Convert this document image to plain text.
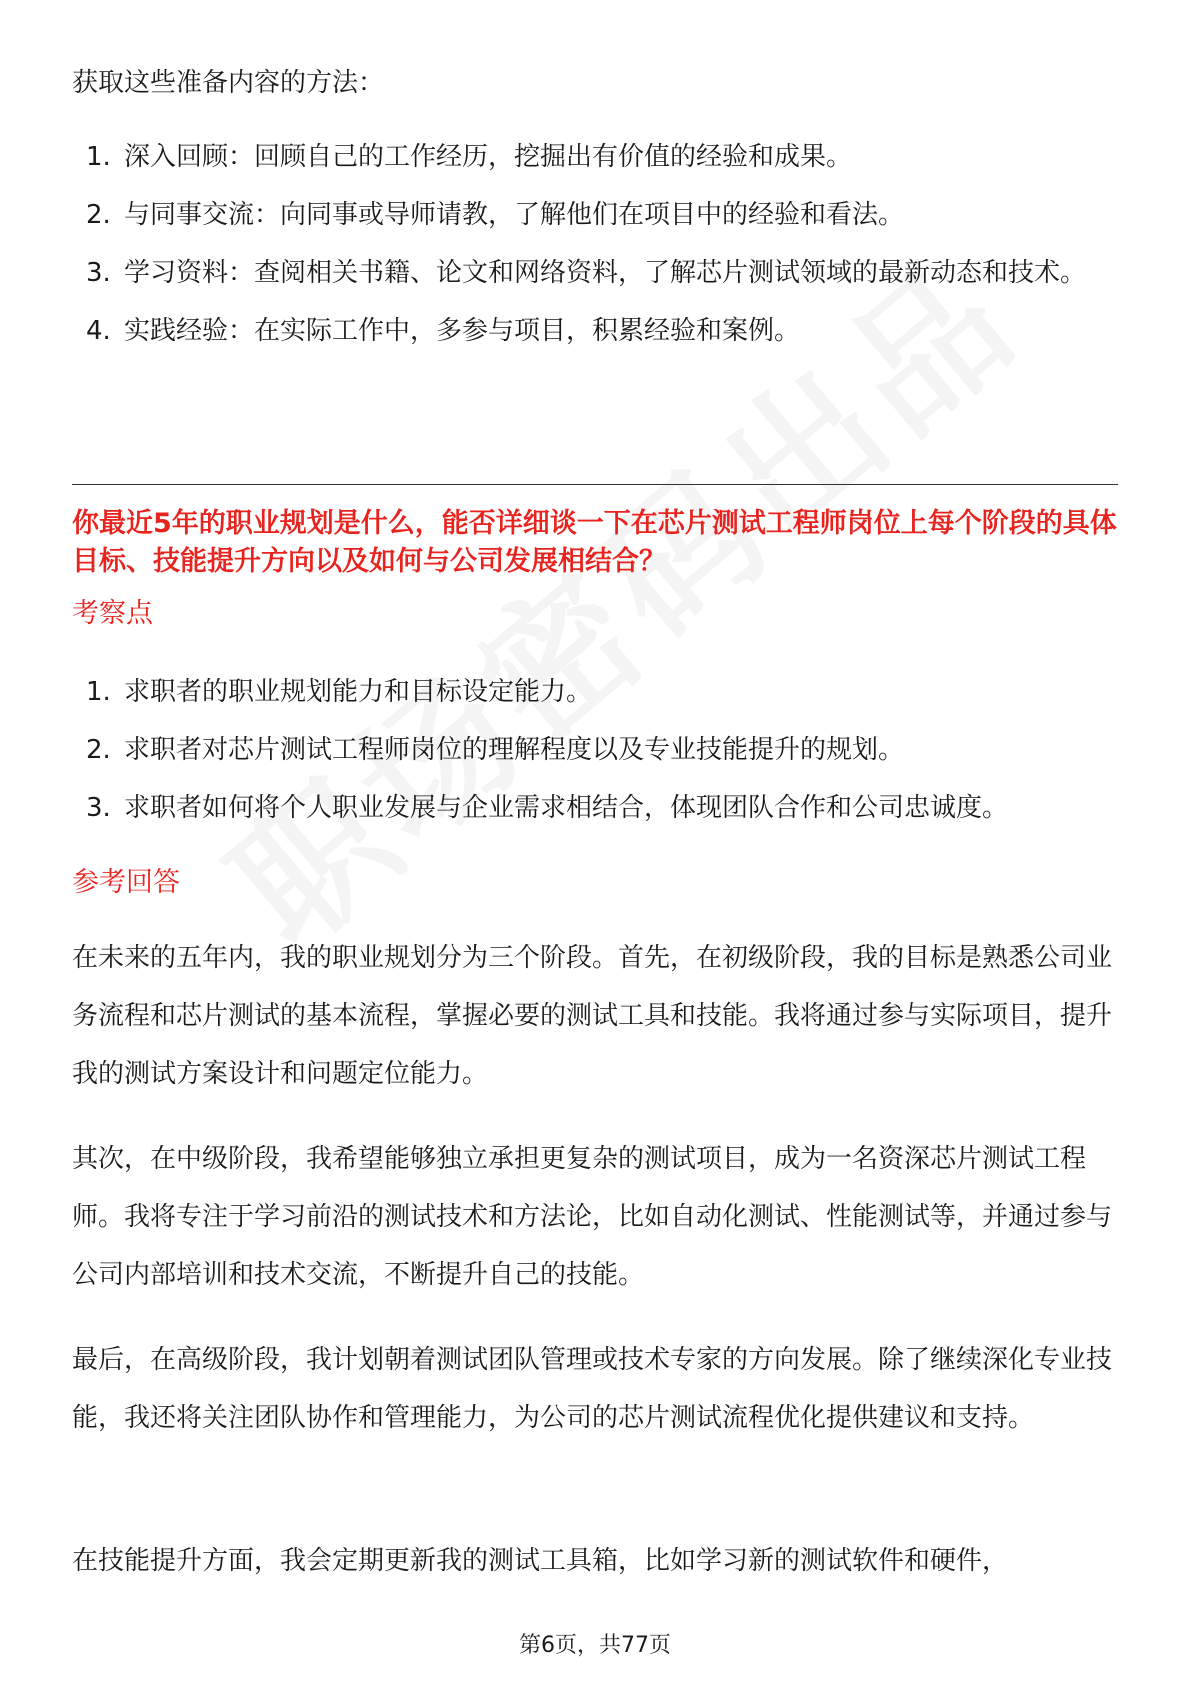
获取这些准备内容的方法：

1. 深入回顾：回顾自己的工作经历，挖掘出有价值的经验和成果。
2. 与同事交流：向同事或导师请教，了解他们在项目中的经验和看法。
3. 学习资料：查阅相关书籍、论文和网络资料，了解芯片测试领域的最新动态和技术。
4. 实践经验：在实际工作中，多参与项目，积累经验和案例。

你最近5年的职业规划是什么，能否详细谈一下在芯片测试工程师岗位上每个阶段的具体目标、技能提升方向以及如何与公司发展相结合？

考察点

1. 求职者的职业规划能力和目标设定能力。
2. 求职者对芯片测试工程师岗位的理解程度以及专业技能提升的规划。
3. 求职者如何将个人职业发展与企业需求相结合，体现团队合作和公司忠诚度。

参考回答

在未来的五年内，我的职业规划分为三个阶段。首先，在初级阶段，我的目标是熟悉公司业务流程和芯片测试的基本流程，掌握必要的测试工具和技能。我将通过参与实际项目，提升我的测试方案设计和问题定位能力。

其次，在中级阶段，我希望能够独立承担更复杂的测试项目，成为一名资深芯片测试工程师。我将专注于学习前沿的测试技术和方法论，比如自动化测试、性能测试等，并通过参与公司内部培训和技术交流，不断提升自己的技能。

最后，在高级阶段，我计划朝着测试团队管理或技术专家的方向发展。除了继续深化专业技能，我还将关注团队协作和管理能力，为公司的芯片测试流程优化提供建议和支持。

在技能提升方面，我会定期更新我的测试工具箱，比如学习新的测试软件和硬件，

第6页，共77页
